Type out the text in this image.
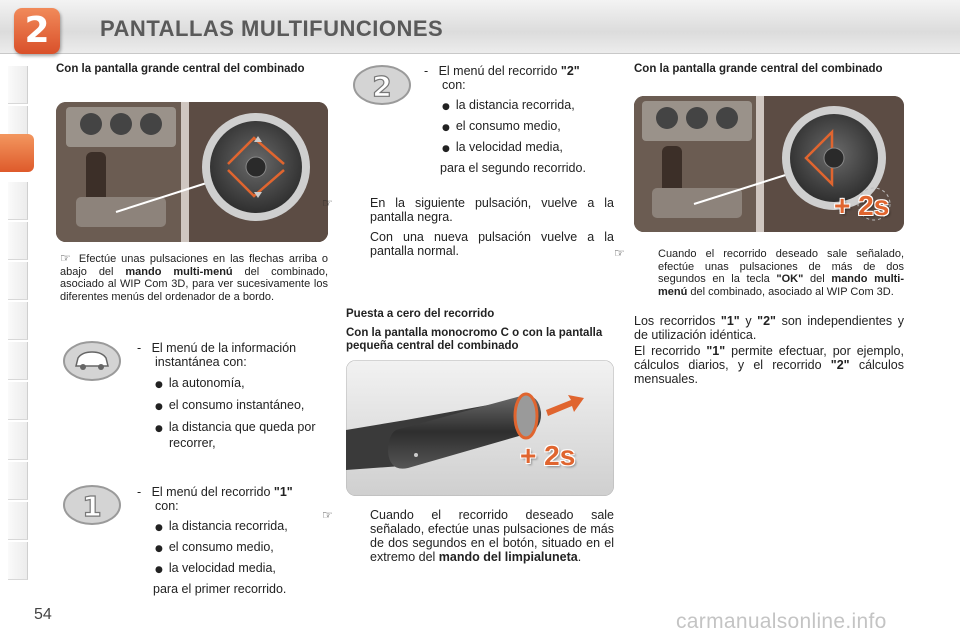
2	PANTALLAS MULTIFUNCIONES
Con la pantalla grande central del combinado
☞ Efectúe unas pulsaciones en las flechas arriba o abajo del mando multi-menú del combinado, asociado al WIP Com 3D, para ver sucesivamente los diferentes menús del ordenador de a bordo.
-   El menú de la información instantánea con:
● la autonomía,
● el consumo instantáneo,
● la distancia que queda por recorrer,
1	-   El menú del recorrido "1"
con:
● la distancia recorrida,
● el consumo medio,
● la velocidad media,
para el primer recorrido.
2	-   El menú del recorrido "2"
con:
● la distancia recorrida,
● el consumo medio,
● la velocidad media,
para el segundo recorrido.
☞	En la siguiente pulsación, vuelve a la pantalla negra.
Con una nueva pulsación vuelve a la pantalla normal.
Puesta a cero del recorrido
Con la pantalla monocromo C o con la pantalla pequeña central del combinado
+ 2s
☞	Cuando el recorrido deseado sale señalado, efectúe unas pulsaciones de más de dos segundos en el botón, situado en el extremo del mando del limpialuneta.
Con la pantalla grande central del combinado
+ 2s
☞	Cuando el recorrido deseado sale señalado, efectúe unas pulsaciones de más de dos segundos en la tecla "OK" del mando multi-menú del combinado, asociado al WIP Com 3D.
Los recorridos "1" y "2" son independientes y de utilización idéntica.
El recorrido "1" permite efectuar, por ejemplo, cálculos diarios, y el recorrido "2" cálculos mensuales.
54	carmanualsonline.info
